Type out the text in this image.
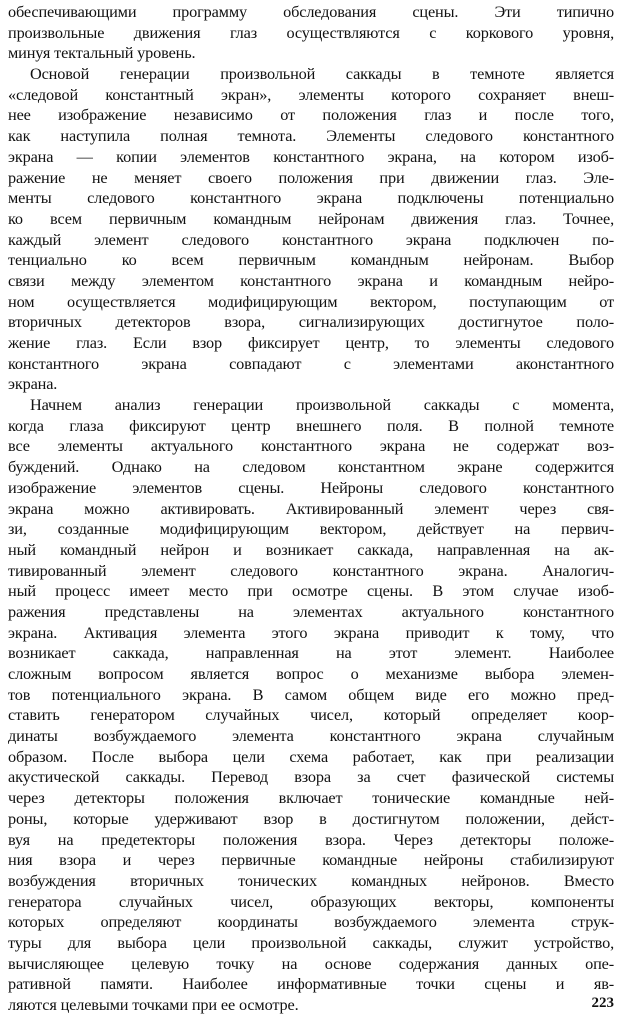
обеспечивающими программу обследования сцены. Эти типично
произвольные движения глаз осуществляются с коркового уровня,
минуя тектальный уровень.
Основой генерации произвольной саккады в темноте является
«следовой константный экран», элементы которого сохраняет внеш-
нее изображение независимо от положения глаз и после того,
как наступила полная темнота. Элементы следового константного
экрана — копии элементов константного экрана, на котором изоб-
ражение не меняет своего положения при движении глаз. Эле-
менты следового константного экрана подключены потенциально
ко всем первичным командным нейронам движения глаз. Точнее,
каждый элемент следового константного экрана подключен по-
тенциально ко всем первичным командным нейронам. Выбор
связи между элементом константного экрана и командным нейро-
ном осуществляется модифицирующим вектором, поступающим от
вторичных детекторов взора, сигнализирующих достигнутое поло-
жение глаз. Если взор фиксирует центр, то элементы следового
константного экрана совпадают с элементами аконстантного
экрана.
Начнем анализ генерации произвольной саккады с момента,
когда глаза фиксируют центр внешнего поля. В полной темноте
все элементы актуального константного экрана не содержат воз-
буждений. Однако на следовом константном экране содержится
изображение элементов сцены. Нейроны следового константного
экрана можно активировать. Активированный элемент через свя-
зи, созданные модифицирующим вектором, действует на первич-
ный командный нейрон и возникает саккада, направленная на ак-
тивированный элемент следового константного экрана. Аналогич-
ный процесс имеет место при осмотре сцены. В этом случае изоб-
ражения представлены на элементах актуального константного
экрана. Активация элемента этого экрана приводит к тому, что
возникает саккада, направленная на этот элемент. Наиболее
сложным вопросом является вопрос о механизме выбора элемен-
тов потенциального экрана. В самом общем виде его можно пред-
ставить генератором случайных чисел, который определяет коор-
динаты возбуждаемого элемента константного экрана случайным
образом. После выбора цели схема работает, как при реализации
акустической саккады. Перевод взора за счет фазической системы
через детекторы положения включает тонические командные ней-
роны, которые удерживают взор в достигнутом положении, дейст-
вуя на предетекторы положения взора. Через детекторы положе-
ния взора и через первичные командные нейроны стабилизируют
возбуждения вторичных тонических командных нейронов. Вместо
генератора случайных чисел, образующих векторы, компоненты
которых определяют координаты возбуждаемого элемента струк-
туры для выбора цели произвольной саккады, служит устройство,
вычисляющее целевую точку на основе содержания данных опе-
ративной памяти. Наиболее информативные точки сцены и яв-
ляются целевыми точками при ее осмотре.	223
